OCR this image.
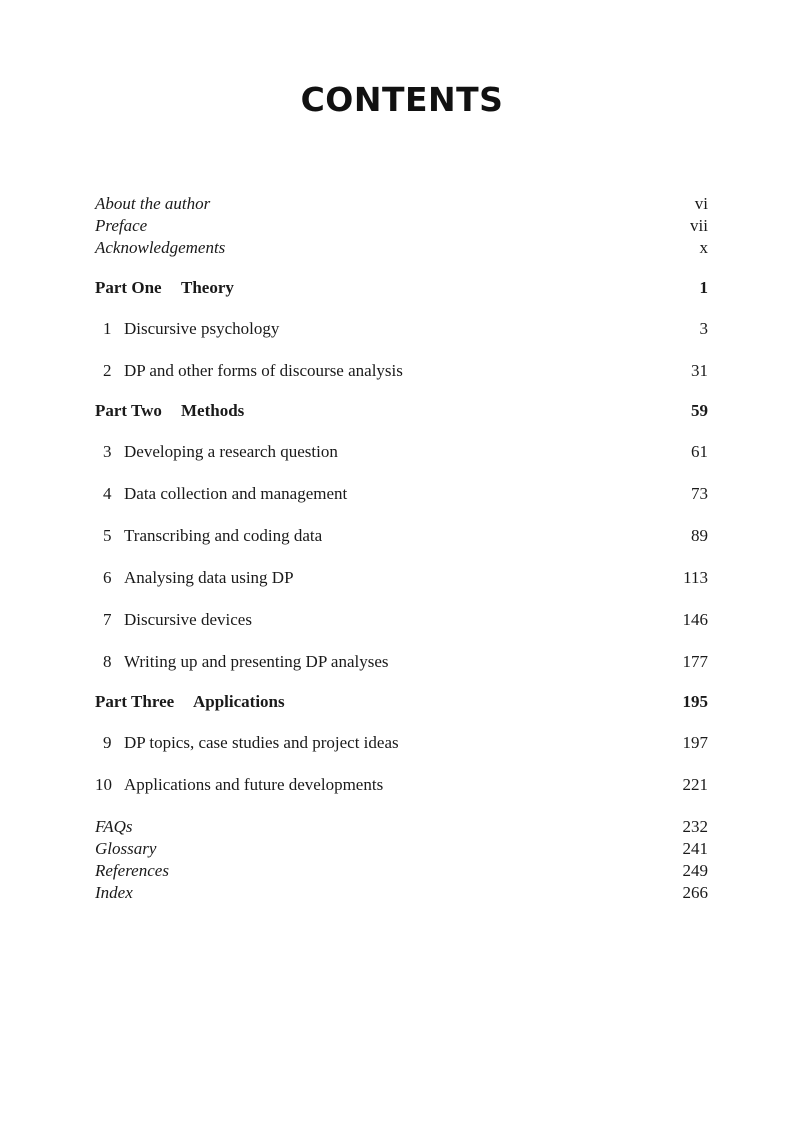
CONTENTS
About the author	vi
Preface	vii
Acknowledgements	x
Part One Theory	1
1 Discursive psychology	3
2 DP and other forms of discourse analysis	31
Part Two Methods	59
3 Developing a research question	61
4 Data collection and management	73
5 Transcribing and coding data	89
6 Analysing data using DP	113
7 Discursive devices	146
8 Writing up and presenting DP analyses	177
Part Three Applications	195
9 DP topics, case studies and project ideas	197
10 Applications and future developments	221
FAQs	232
Glossary	241
References	249
Index	266
